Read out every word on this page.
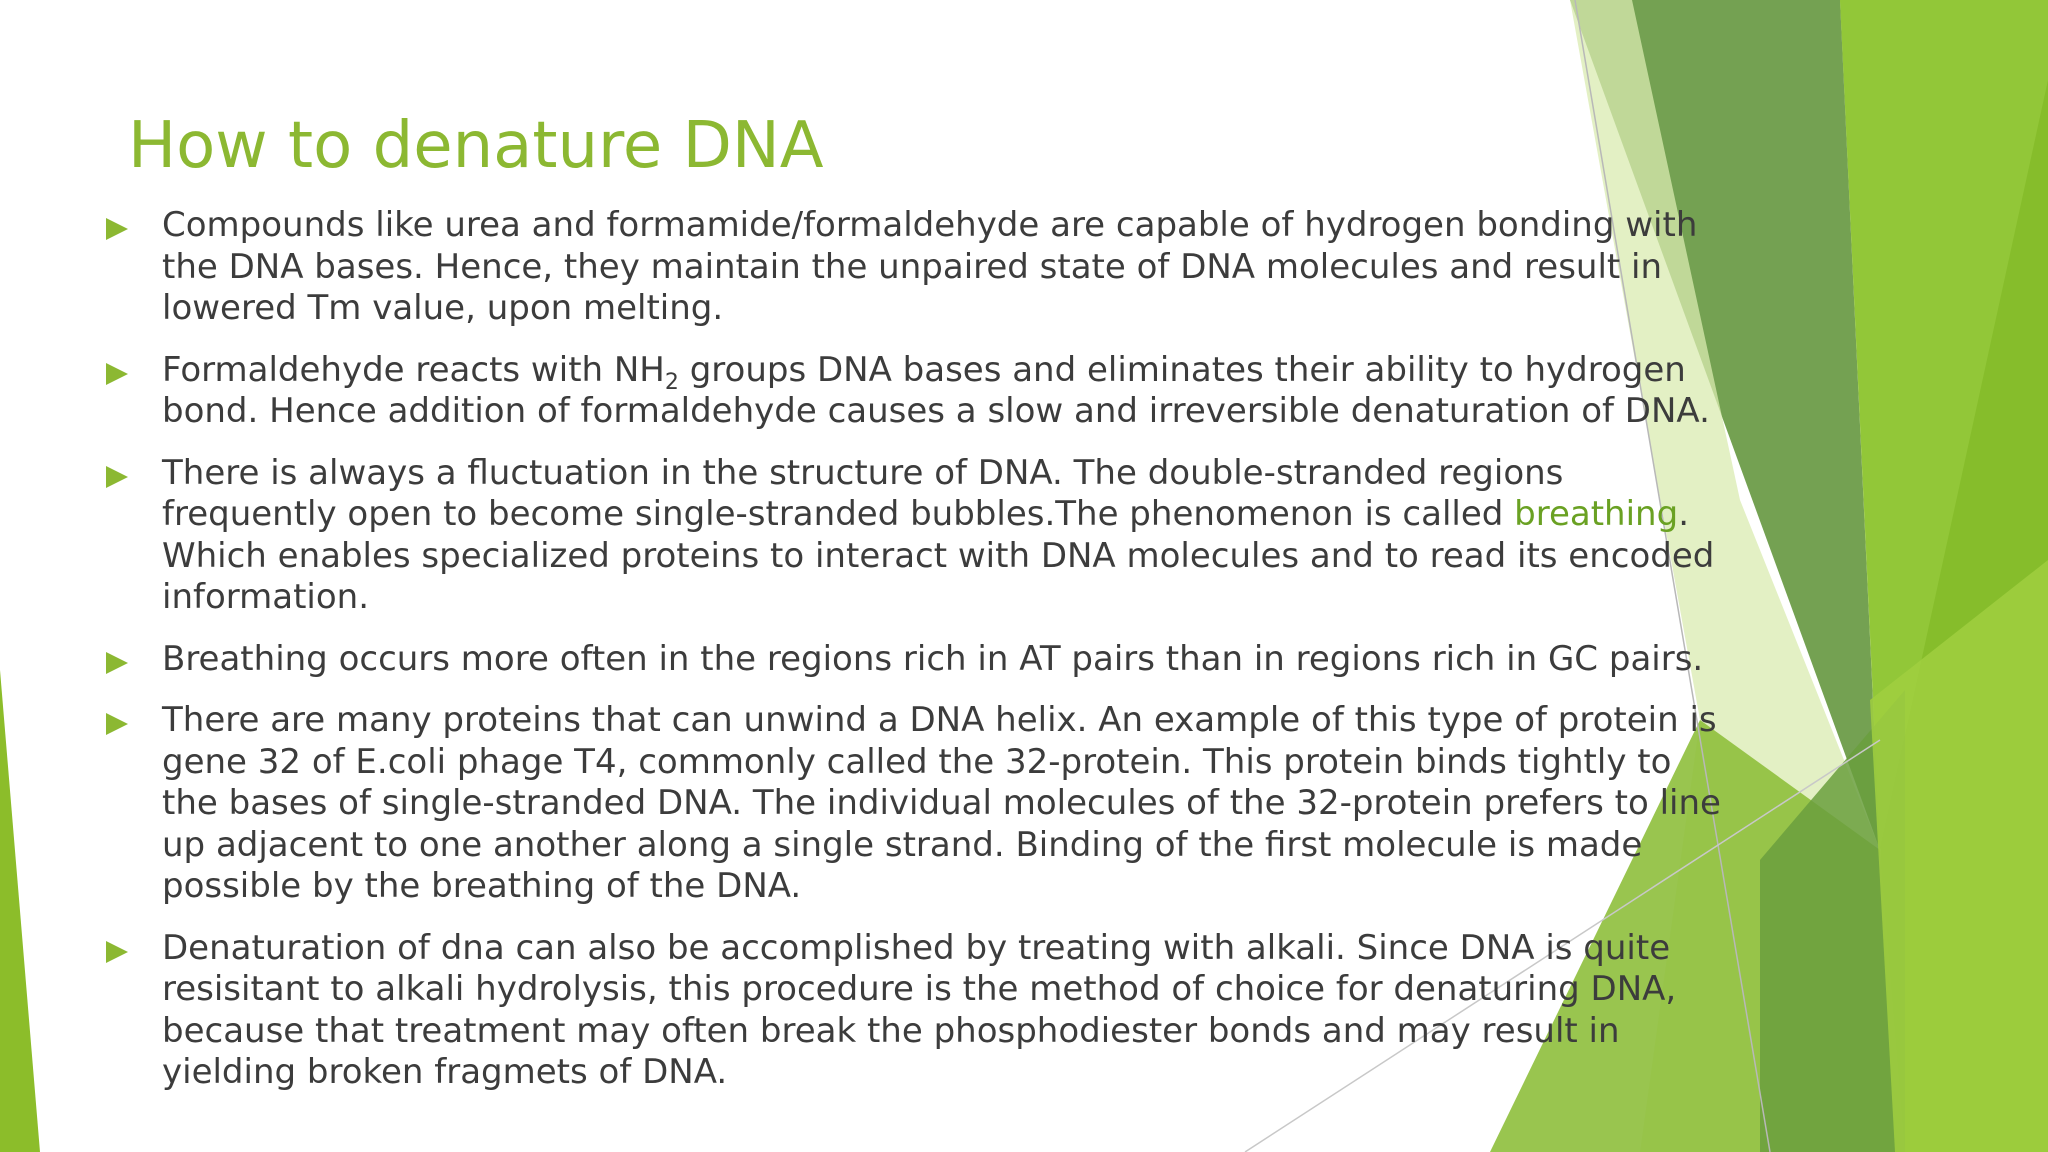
How to denature DNA
Compounds like urea and formamide/formaldehyde are capable of hydrogen bonding with
the DNA bases. Hence, they maintain the unpaired state of DNA molecules and result in
lowered Tm value, upon melting.
Formaldehyde reacts with $NH_2$ groups DNA bases and eliminates their ability to hydrogen
bond. Hence addition of formaldehyde causes a slow and irreversible denaturation of DNA.
There is always a fluctuation in the structure of DNA. The double-stranded regions
frequently open to become single-stranded bubbles.The phenomenon is called breathing.
Which enables specialized proteins to interact with DNA molecules and to read its encoded
information.
Breathing occurs more often in the regions rich in AT pairs than in regions rich in GC pairs.
There are many proteins that can unwind a DNA helix. An example of this type of protein is
gene 32 of E.coli phage T4, commonly called the 32-protein. This protein binds tightly to
the bases of single-stranded DNA. The individual molecules of the 32-protein prefers to line
up adjacent to one another along a single strand. Binding of the first molecule is made
possible by the breathing of the DNA.
Denaturation of dna can also be accomplished by treating with alkali. Since DNA is quite
resisitant to alkali hydrolysis, this procedure is the method of choice for denaturing DNA,
because that treatment may often break the phosphodiester bonds and may result in
yielding broken fragmets of DNA.
